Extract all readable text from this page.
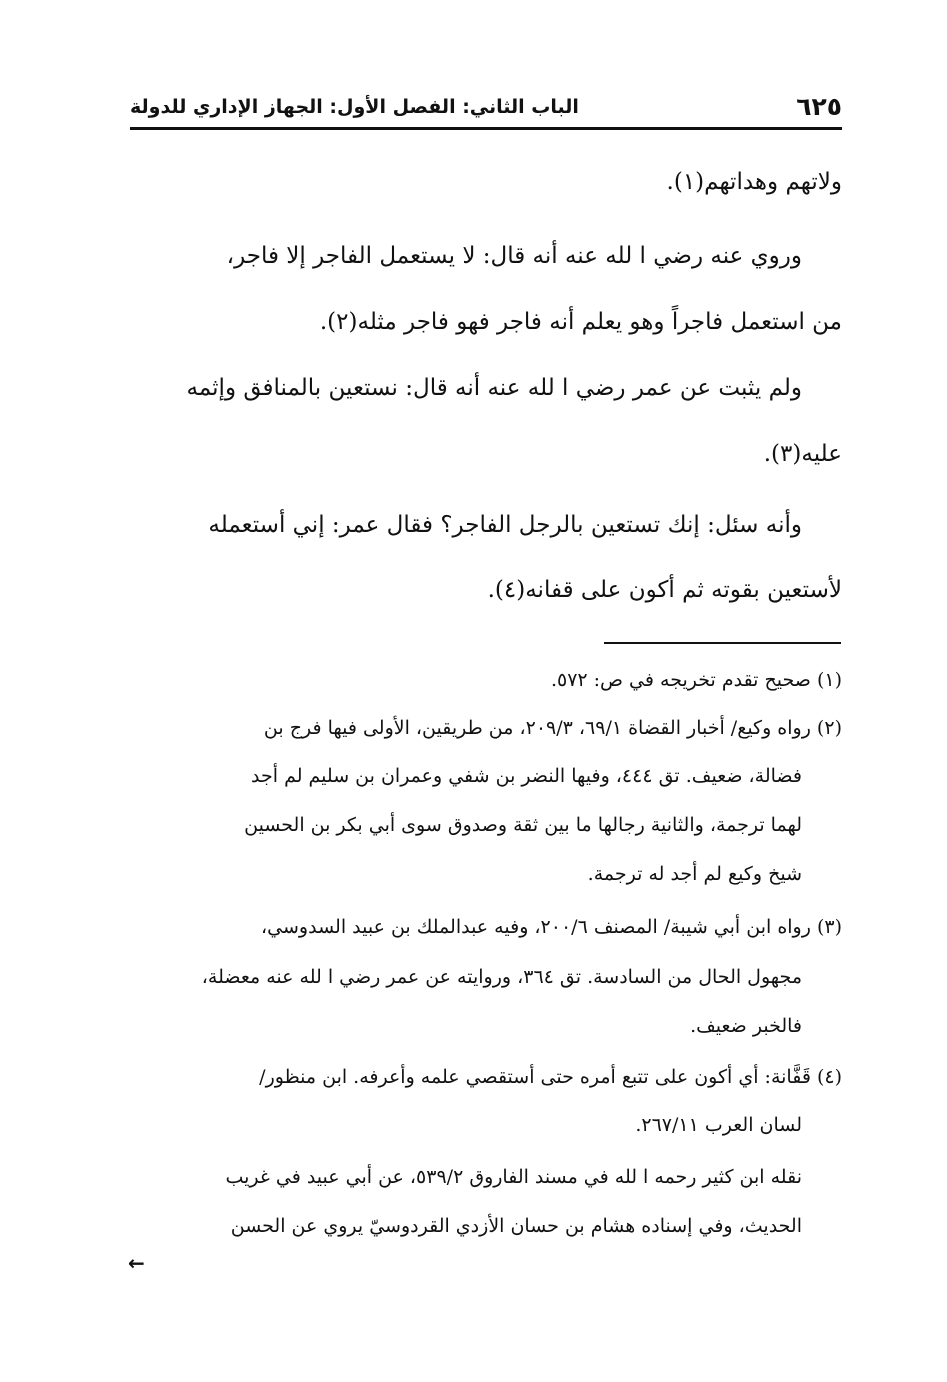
٦٢٥
الباب الثاني: الفصل الأول: الجهاز الإداري للدولة
ولاتهم وهداتهم(١).
وروي عنه رضي ا لله عنه أنه قال: لا يستعمل الفاجر إلا فاجر،
من استعمل فاجراً وهو يعلم أنه فاجر فهو فاجر مثله(٢).
ولم يثبت عن عمر رضي ا لله عنه أنه قال: نستعين بالمنافق وإثمه
عليه(٣).
وأنه سئل: إنك تستعين بالرجل الفاجر؟ فقال عمر: إني أستعمله
لأستعين بقوته ثم أكون على قفانه(٤).
(١) صحيح تقدم تخريجه في ص: ٥٧٢.
(٢) رواه وكيع/ أخبار القضاة ٦٩/١، ٢٠٩/٣، من طريقين، الأولى فيها فرج بن
فضالة، ضعيف. تق ٤٤٤، وفيها النضر بن شفي وعمران بن سليم لم أجد
لهما ترجمة، والثانية رجالها ما بين ثقة وصدوق سوى أبي بكر بن الحسين
شيخ وكيع لم أجد له ترجمة.
(٣) رواه ابن أبي شيبة/ المصنف ٢٠٠/٦، وفيه عبدالملك بن عبيد السدوسي،
مجهول الحال من السادسة. تق ٣٦٤، وروايته عن عمر رضي ا لله عنه معضلة،
فالخبر ضعيف.
(٤) قَفَّانة: أي أكون على تتبع أمره حتى أستقصي علمه وأعرفه. ابن منظور/
لسان العرب ٢٦٧/١١.
نقله ابن كثير رحمه ا لله في مسند الفاروق ٥٣٩/٢، عن أبي عبيد في غريب
الحديث، وفي إسناده هشام بن حسان الأزدي القردوسيّ يروي عن الحسن
←
